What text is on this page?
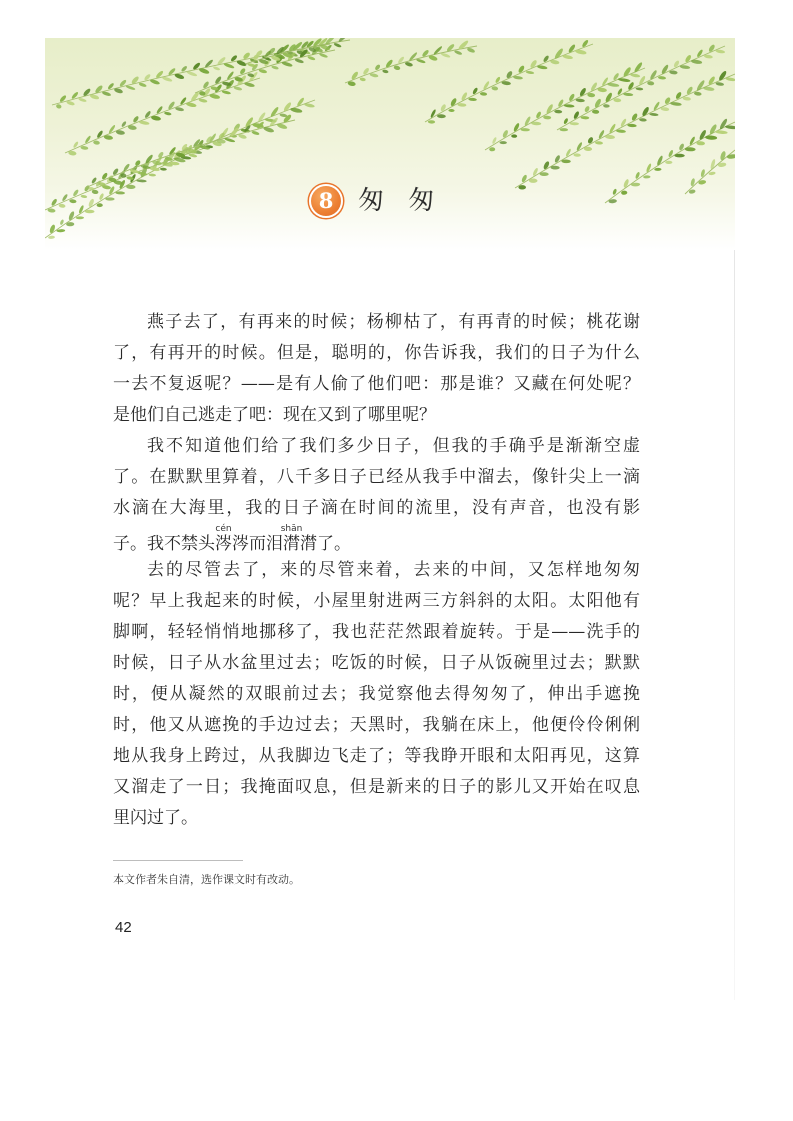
8 匆 匆
燕子去了，有再来的时候；杨柳枯了，有再青的时候；桃花谢
了，有再开的时候。但是，聪明的，你告诉我，我们的日子为什么
一去不复返呢？——是有人偷了他们吧：那是谁？又藏在何处呢？
是他们自己逃走了吧：现在又到了哪里呢？
我不知道他们给了我们多少日子，但我的手确乎是渐渐空虚
了。在默默里算着，八千多日子已经从我手中溜去，像针尖上一滴
水滴在大海里，我的日子滴在时间的流里，没有声音，也没有影
子。我不禁头涔cén涔而泪潸shān潸了。
去的尽管去了，来的尽管来着，去来的中间，又怎样地匆匆
呢？早上我起来的时候，小屋里射进两三方斜斜的太阳。太阳他有
脚啊，轻轻悄悄地挪移了，我也茫茫然跟着旋转。于是——洗手的
时候，日子从水盆里过去；吃饭的时候，日子从饭碗里过去；默默
时，便从凝然的双眼前过去；我觉察他去得匆匆了，伸出手遮挽
时，他又从遮挽的手边过去；天黑时，我躺在床上，他便伶伶俐俐
地从我身上跨过，从我脚边飞走了；等我睁开眼和太阳再见，这算
又溜走了一日；我掩面叹息，但是新来的日子的影儿又开始在叹息
里闪过了。
本文作者朱自清，选作课文时有改动。
42
